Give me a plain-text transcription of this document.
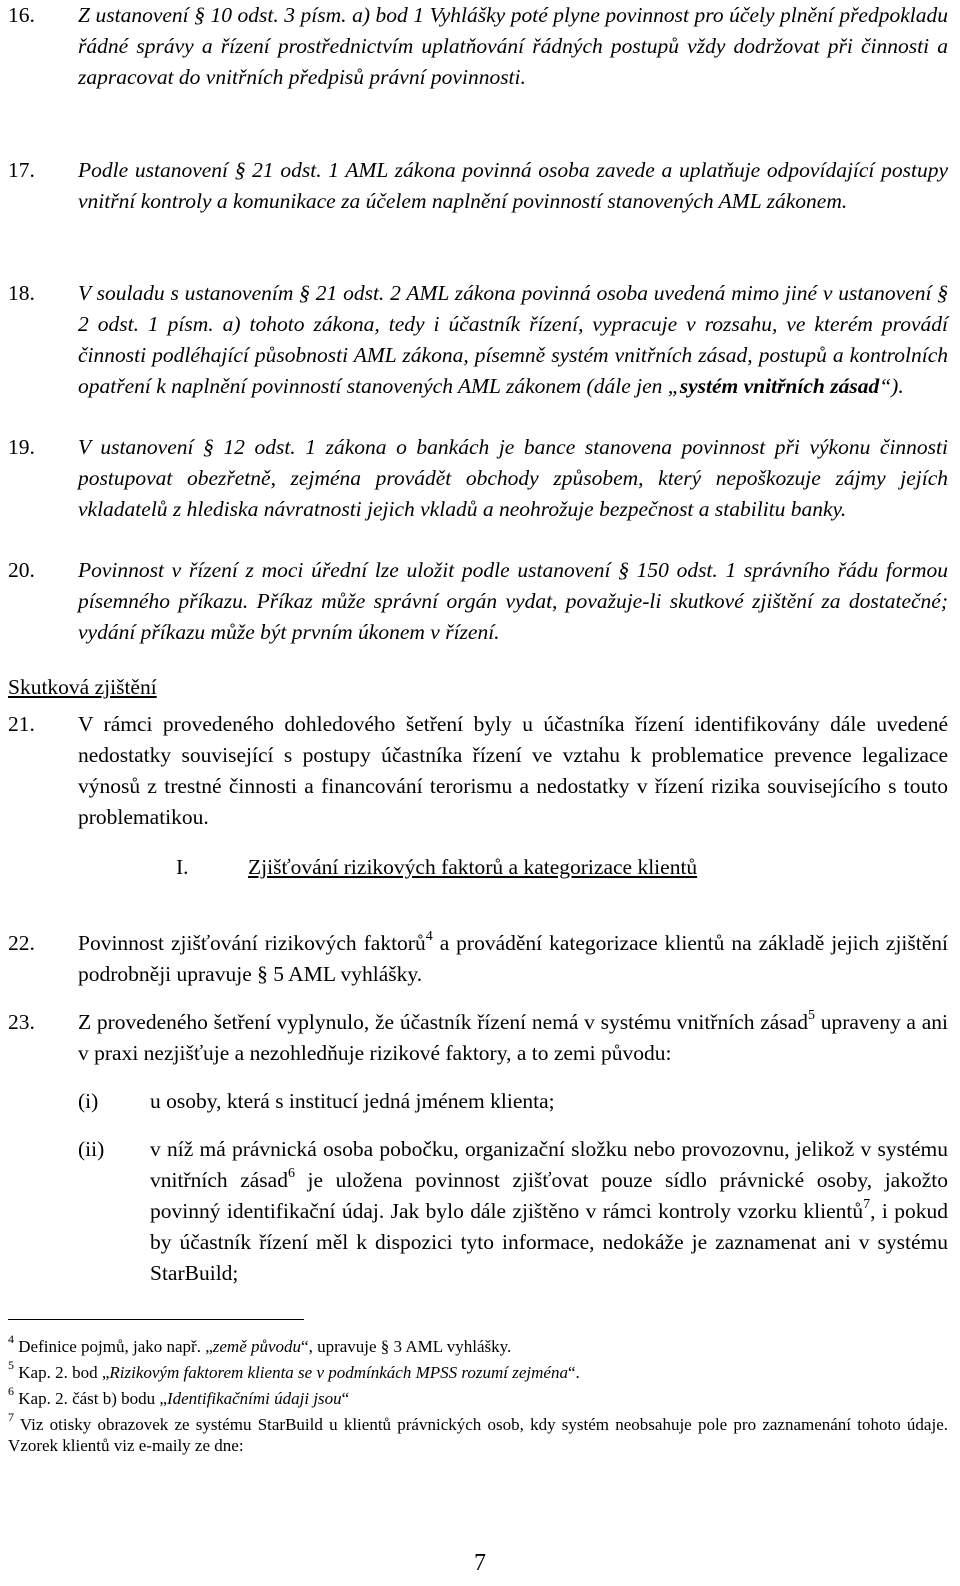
16. Z ustanovení § 10 odst. 3 písm. a) bod 1 Vyhlášky poté plyne povinnost pro účely plnění předpokladu řádné správy a řízení prostřednictvím uplatňování řádných postupů vždy dodržovat při činnosti a zapracovat do vnitřních předpisů právní povinnosti.
17. Podle ustanovení § 21 odst. 1 AML zákona povinná osoba zavede a uplatňuje odpovídající postupy vnitřní kontroly a komunikace za účelem naplnění povinností stanovených AML zákonem.
18. V souladu s ustanovením § 21 odst. 2 AML zákona povinná osoba uvedená mimo jiné v ustanovení § 2 odst. 1 písm. a) tohoto zákona, tedy i účastník řízení, vypracuje v rozsahu, ve kterém provádí činnosti podléhající působnosti AML zákona, písemně systém vnitřních zásad, postupů a kontrolních opatření k naplnění povinností stanovených AML zákonem (dále jen „systém vnitřních zásad“).
19. V ustanovení § 12 odst. 1 zákona o bankách je bance stanovena povinnost při výkonu činnosti postupovat obezřetně, zejména provádět obchody způsobem, který nepoškozuje zájmy jejích vkladatelů z hlediska návratnosti jejich vkladů a neohrožuje bezpečnost a stabilitu banky.
20. Povinnost v řízení z moci úřední lze uložit podle ustanovení § 150 odst. 1 správního řádu formou písemného příkazu. Příkaz může správní orgán vydat, považuje-li skutkové zjištění za dostatečné; vydání příkazu může být prvním úkonem v řízení.
Skutková zjištění
21. V rámci provedeného dohledového šetření byly u účastníka řízení identifikovány dále uvedené nedostatky související s postupy účastníka řízení ve vztahu k problematice prevence legalizace výnosů z trestné činnosti a financování terorismu a nedostatky v řízení rizika souvisejícího s touto problematikou.
I.	Zjišťování rizikových faktorů a kategorizace klientů
22. Povinnost zjišťování rizikových faktorů$^4$ a provádění kategorizace klientů na základě jejich zjištění podrobněji upravuje § 5 AML vyhlášky.
23. Z provedeného šetření vyplynulo, že účastník řízení nemá v systému vnitřních zásad$^5$ upraveny a ani v praxi nezjišťuje a nezohledňuje rizikové faktory, a to zemi původu:
(i) u osoby, která s institucí jedná jménem klienta;
(ii) v níž má právnická osoba pobočku, organizační složku nebo provozovnu, jelikož v systému vnitřních zásad$^6$ je uložena povinnost zjišťovat pouze sídlo právnické osoby, jakožto povinný identifikační údaj. Jak bylo dále zjištěno v rámci kontroly vzorku klientů$^7$, i pokud by účastník řízení měl k dispozici tyto informace, nedokáže je zaznamenat ani v systému StarBuild;
$^4$ Definice pojmů, jako např. „země původu“, upravuje § 3 AML vyhlášky.
$^5$ Kap. 2. bod „Rizikovým faktorem klienta se v podmínkách MPSS rozumí zejména“.
$^6$ Kap. 2. část b) bodu „Identifikačními údaji jsou“
$^7$ Viz otisky obrazovek ze systému StarBuild u klientů právnických osob, kdy systém neobsahuje pole pro zaznamenání tohoto údaje. Vzorek klientů viz e-maily ze dne:
7
